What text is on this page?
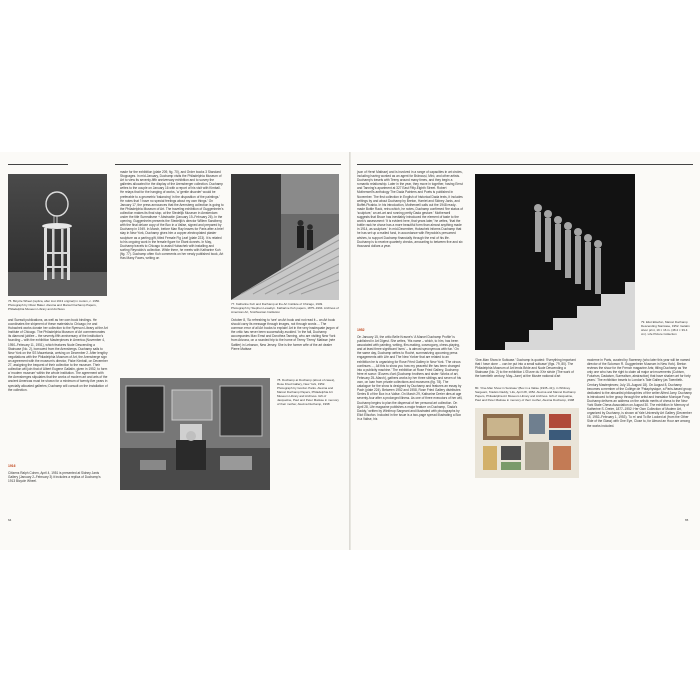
76. Bicycle Wheel (replica, after lost 1913 original) in motion, c. 1950. Photograph by Oliver Baker. Alexina and Marcel Duchamp Papers, Philadelphia Museum Library and Archives
and Suessit publications, as well as her own book bindings. He coordinates the shipment of these materials to Chicago; he and Hubachek works donate her collection to the Ryerson Library at the Art Institute of Chicago. The Philadelphia Museum of Art commemorates its diamond jubilee – the seventy-fifth anniversary of the institution's founding – with the exhibition Masterpieces in America (November 4, 1950–February 11, 1951), which features Nude Descending a Staircase (No. 2), borrowed from the Arensbergs. Duchamp sails to New York on the SS Mauretania, arriving on December 2. After lengthy negotiations with the Philadelphia Museum of Art, the Arensberge sign an agreement with the museum's director, Fiske Kimball, on December 27, assigning the bequest of their collection to the museum. Their collection will join that of Albert Eugene Gallatin, given in 1952, to form a 'modern museum' within the whole institution. The agreement with the Arensberges stipulates that the works of modern art and arts of the ancient Americas must be shown for a minimum of twenty-five years in specially allocated galleries; Duchamp will consult on the installation of the collection.
1916
Citizens Ralph Cohen, April 4, 1951 is presented at Sidney Janis Gallery (January 2–February 3) it includes a replica of Duchamp's 1913 Bicycle Wheel.
made for the exhibition (plate 209, fig. 70), and Order books 3 Standard Stoppages. In mid-January, Duchamp visits the Philadelphia Museum of Art to view its seventy-fifth anniversary exhibition and to survey the galleries allocated for the display of the Arensberger collection. Duchamp writes to the couple on January 16 with a report of his visit with Kimball. He relays that for the hanging of works, 'a 'gentle disorder' would be preferable to a geometric 'balancing' in the disposition of the paintings.' He notes that 'I have no special feelings about my own things.' On January 17, the press announces that the Arensberg collection is going to the Philadelphia Museum of Art. The traveling exhibition of Guggenheim's collection makes its final stop, at the Stedelijk Museum in Amsterdam under the title Surrealisme + Abstractie (January 19–February 26). In the opening, Guggenheim presents the Stedelijk's director Willem Sandberg with the final deluxe copy of the Box in a Valise, signed and prepared by Duchamp in 1949. In March, before Man Ray leaves for Paris after a brief stay in New York, Duchamp gives him a copper-electroplated plaster sculpture as a parting gift, titled Female Fig Leaf (plate 223). It is related to his ongoing work in the female figure for Étant donnés. In May, Duchamp travels to Chicago to assist Hubachek with installing and sorting Reynolds's collection. While there, he meets with Katharine Kuh (fig. 77). Duchamp often Kuh comments on her newly published book, Art Has Many Faces, writing on
77. Katharine Kuh and Duchamp at the Art Institute of Chicago, 1949. Photograph by Stephen Lewellyn. Katharine Kuh papers, 1875–1994. Archives of American Art, Smithsonian Institution
October 8, 'So refreshing to 'see' an Art book and not read it – an Art book should carry its message through images, not through words ... The common error of all Art books to explain! Art in the very inadequate jargon of the critic has never been successfully avoided.' In the fall, Duchamp accompanies Max Ernst and Dorothea Tanning, who are visiting New York from Arizona, on a rounded trip to the home of Teeny 'Teeny' Matisse (née Sattler) in Lebanon, New Jersey. She is the former wife of the art dealer Pierre Matisse
78. Duchamp at Duchamp (about of cases), Rose Fried Gallery, New York, 1952. Photograph by Gordon Parks. Alexina and Marcel Duchamp Papers, Philadelphia Art Museum Library and Archives. Gift of Jacqueline, Paul and Peter Matisse in memory of their mother, Alexina Duchamp, 1998
64
(son of Henri Matisse) and is involved in a range of capacities in art circles, including having worked as an agent for Brâncuși, Miró, and other artists. Duchamp's travels with Teeny around many times, and they begin a romantic relationship. Later in the year, they move in together, having Ernst and Tanning's apartment at 327 East Fifty-Eighth Street. Robert Motherwell's anthology The Dada Painters and Poets is published in November. The first collection in English of historical Dada texts, it includes writings by and about Duchamp by Breton, Harriet and Sidney Janis, and Buffet-Picabia. In his introduction, Motherwell calls out the 1948 ready-made Bottle Rack, retro-which, he notes, Duchamp confirmed 'the status of 'sculpture,' an art-art and running pretty Dada gesture.' Motherwell suggests that Bruce has inevitably introduced the element of taste to the work's assessment: 'It is evident here, that years later,' he writes, 'that the bottle rack he chose has a more beautiful form than almost anything made in 1914, as sculpture.' In mid-December, Hubachek informs Duchamp that he has set up a mailed fund, in accordance with Reynolds's presumed wishes, to support Duchamp financially through the end of his life. Duchamp is to receive quarterly checks, amounting to between five and six thousand dollars a year.
1952
On January 15, the critic Belle Krasne's 'A Marcel Duchamp Profile' is published in Art Digest. She writes, 'His name – which, to him, has been associated with painting, writing, film-making, cosmogony, chess-playing, and at least three significant 'isms' – is almost synonymous with fun.' On the same day, Duchamp writes to Roché, summarizing upcoming press engagements with Life and The New Yorker that are related to an exhibition he is organizing for Rose Fried Gallery in New York. 'The circus continues ..., All this to show you how my peaceful life has been changed into a publicity machine.' The exhibition at Rose Fried Gallery, Duchamp frère et soeur: Œuvres d'art (Duchamp brothers and sister: Works of art, February 25–March), gathers works by her three siblings and seven of his own, on loan from private collections and museums (fig. 78). The catalogue for the show is designed by Duchamp and features an essay by Pach (plate 224). Between 1952 and 1958, Rose Fried Gallery distributes Series B of the Box in a Valise. On March 29, Katharine Dreier dies at age seventy-four after a prolonged illness. As one of three executors of her will, Duchamp begins to plan the dispersal of her personal art collection. On April 28, Life magazine publishes a major feature on Duchamp, 'Dada's Daddy,' written by Winthrop Sargeant and illustrated with photographs by Eliot Elisofon. Included in the issue is a two-page spread illustrating a Box in a Valise, his
79. Eliot Elisofon, Marcel Duchamp Descending Staircase, 1952. Gelatin silver print, 19 × 16 in. (48.4 × 39.4 cm). Life Picture Collection
'One-Man Show in Suitcase.' Duchamp is quoted: 'Everything important that I have done ... can be put into a small suitcase' (figs. 79, 80). The Philadelphia Museum of Art lends Bride and Nude Descending a Staircase (No. 2) to the exhibition L'Œuvre du XXe siècle (The work of the twentieth century; May–June) at the Musée national d'art
80. 'One-Man Show in Suitcase' (Box in a Valise (1935–41)), in Whitney Sargeant, 'Dada's Daddy,' Life, April 28, 1952. Alexina and Marcel Duchamp Papers, Philadelphia Art Museum Library and Archives. Gift of Jacqueline, Paul and Peter Matisse in memory of their mother, Alexina Duchamp, 1998
moderne in Paris, curated by Sweeney (who later this year will be named director of the Solomon R. Guggenheim Museum in New York). Breton reviews the show for the French magazine Arts; titling Duchamp as 'the only one who has the right to claim all major art movements (Cubism, Futurism, Dadaism, Surrealism, abstraction) that have shaken art for forty years.' The exhibition travels to London's Tate Gallery (as Twentieth-Century Masterpieces; July 15–August 18). On August 8, Duchamp becomes a member of the Collège de 'Pataphysique, a Paris-based group dedicated to the absurdist philosophies of the writer Alfred Jarry. Duchamp is introduced to the group through the artist and translator Monique Fong. Duchamp delivers an address on the artistic merits of chess to the New York State Chess Association on August 30. The exhibition In Memory of Katherine S. Dreier, 1877–1952: Her Own Collection of Modern Art, organized by Duchamp, is shown at Yale University Art Gallery (December 15, 1952–February 1, 1953). Tu m' and To Be Looked at (from the Other Side of the Glass) with One Eye, Close to, for Almost an Hour are among the works included.
65
